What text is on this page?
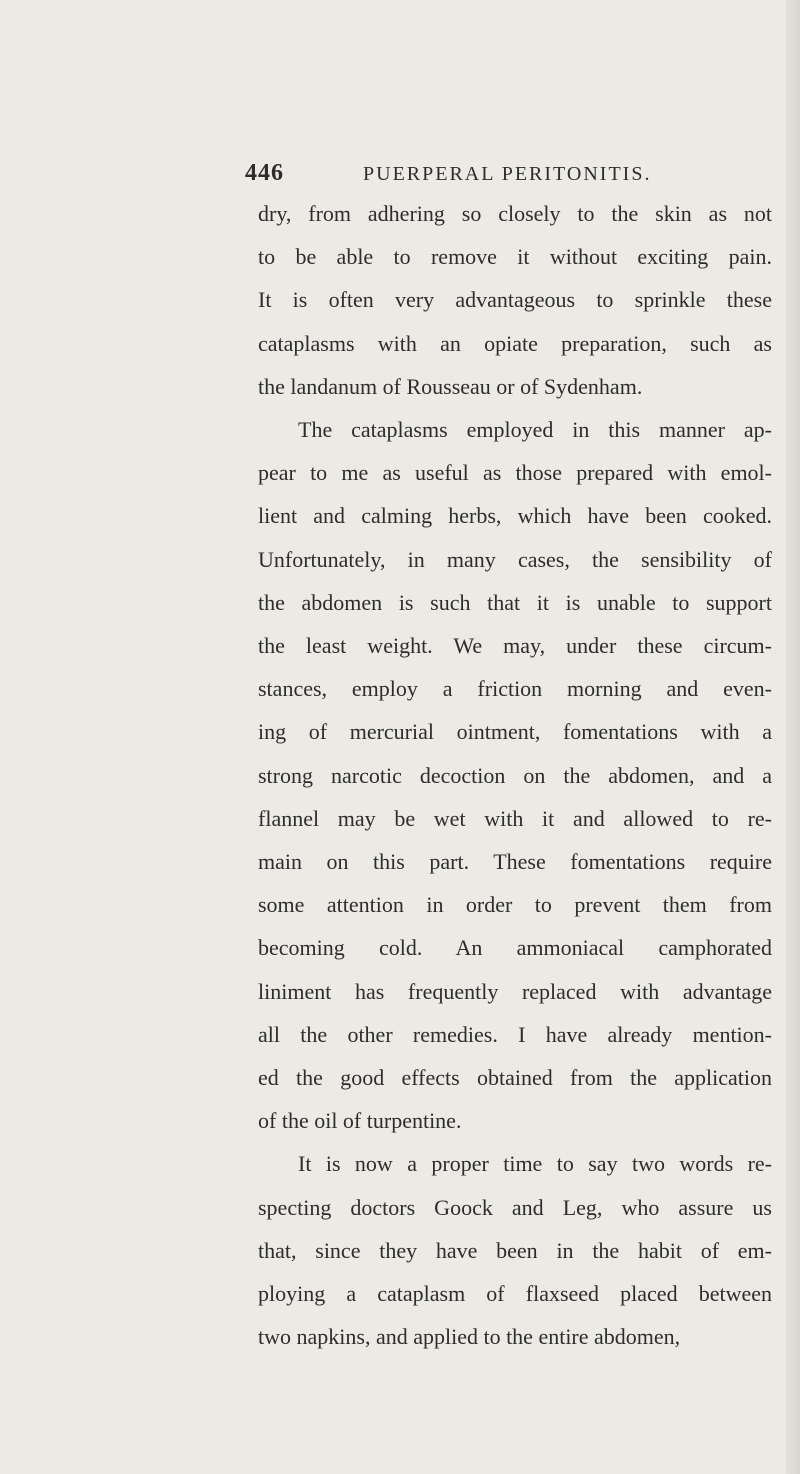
446	PUERPERAL PERITONITIS.
dry, from adhering so closely to the skin as not
to be able to remove it without exciting pain.
It is often very advantageous to sprinkle these
cataplasms with an opiate preparation, such as
the landanum of Rousseau or of Sydenham.
The cataplasms employed in this manner ap-
pear to me as useful as those prepared with emol-
lient and calming herbs, which have been cooked.
Unfortunately, in many cases, the sensibility of
the abdomen is such that it is unable to support
the least weight. We may, under these circum-
stances, employ a friction morning and even-
ing of mercurial ointment, fomentations with a
strong narcotic decoction on the abdomen, and a
flannel may be wet with it and allowed to re-
main on this part. These fomentations require
some attention in order to prevent them from
becoming cold. An ammoniacal camphorated
liniment has frequently replaced with advantage
all the other remedies. I have already mention-
ed the good effects obtained from the application
of the oil of turpentine.
It is now a proper time to say two words re-
specting doctors Goock and Leg, who assure us
that, since they have been in the habit of em-
ploying a cataplasm of flaxseed placed between
two napkins, and applied to the entire abdomen,
